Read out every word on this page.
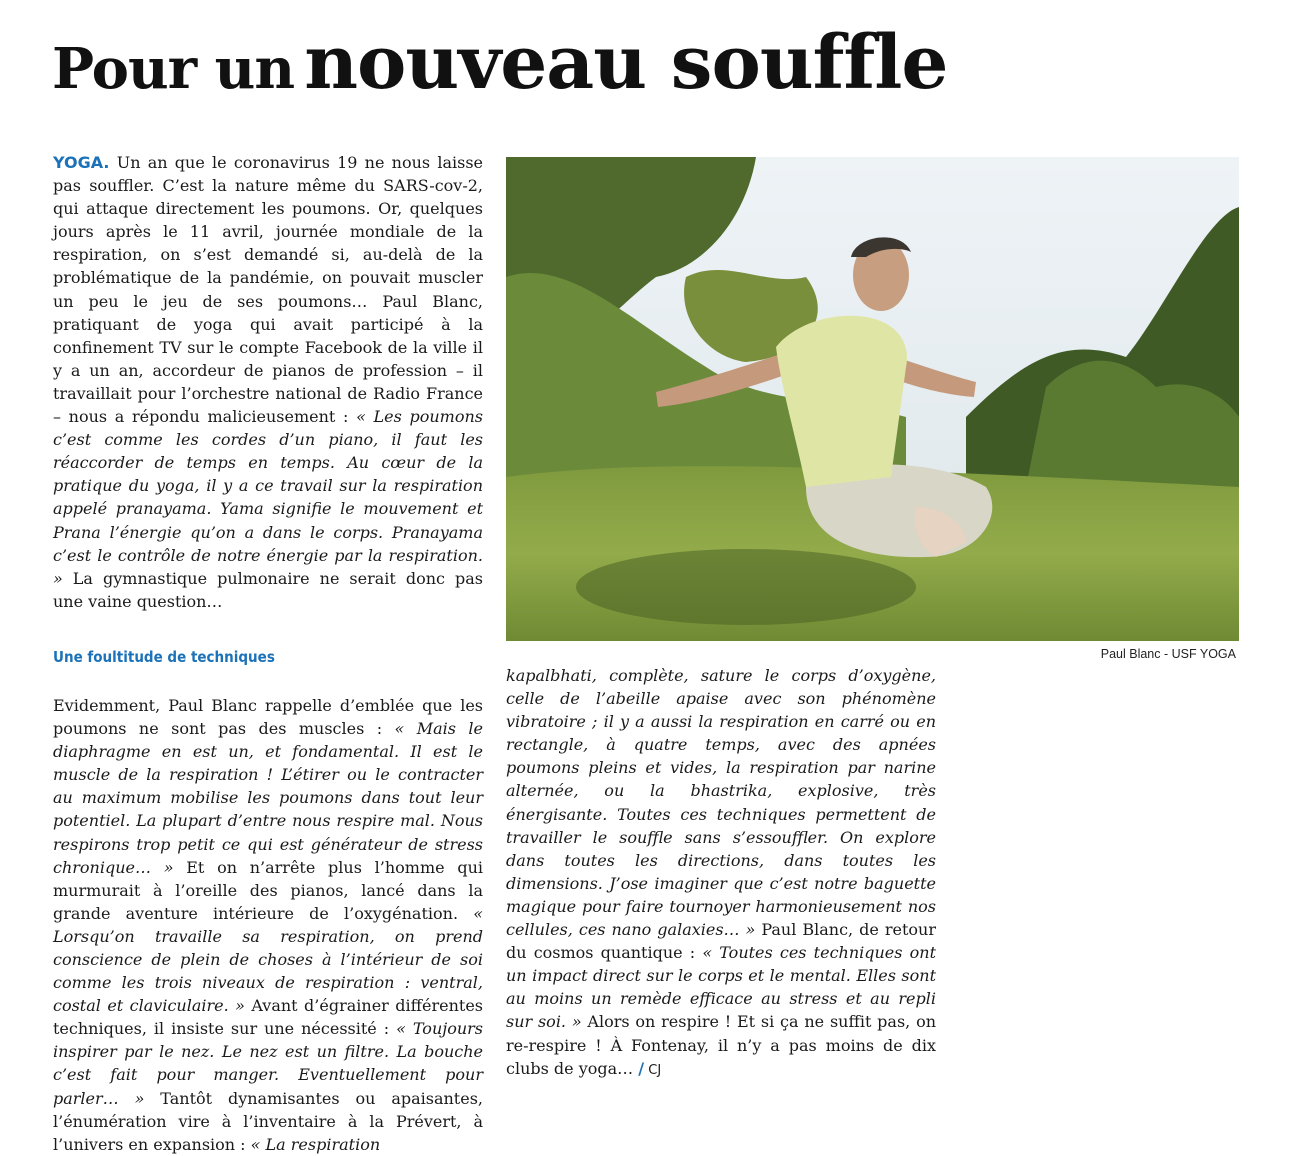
Pour un nouveau souffle

YOGA. Un an que le coronavirus 19 ne nous laisse pas souffler. C’est la nature même du SARS-cov-2, qui attaque directement les poumons. Or, quelques jours après le 11 avril, journée mondiale de la respiration, on s’est demandé si, au-delà de la problématique de la pandémie, on pouvait muscler un peu le jeu de ses poumons… Paul Blanc, pratiquant de yoga qui avait participé à la confinement TV sur le compte Facebook de la ville il y a un an, accordeur de pianos de profession – il travaillait pour l’orchestre national de Radio France – nous a répondu malicieusement : « Les poumons c’est comme les cordes d’un piano, il faut les réaccorder de temps en temps. Au cœur de la pratique du yoga, il y a ce travail sur la respiration appelé pranayama. Yama signifie le mouvement et Prana l’énergie qu’on a dans le corps. Pranayama c’est le contrôle de notre énergie par la respiration. » La gymnastique pulmonaire ne serait donc pas une vaine question…

Une foultitude de techniques

Evidemment, Paul Blanc rappelle d’emblée que les poumons ne sont pas des muscles : « Mais le diaphragme en est un, et fondamental. Il est le muscle de la respiration ! L’étirer ou le contracter au maximum mobilise les poumons dans tout leur potentiel. La plupart d’entre nous respire mal. Nous respirons trop petit ce qui est générateur de stress chronique… » Et on n’arrête plus l’homme qui murmurait à l’oreille des pianos, lancé dans la grande aventure intérieure de l’oxygénation. « Lorsqu’on travaille sa respiration, on prend conscience de plein de choses à l’intérieur de soi comme les trois niveaux de respiration : ventral, costal et claviculaire. » Avant d’égrainer différentes techniques, il insiste sur une nécessité : « Toujours inspirer par le nez. Le nez est un filtre. La bouche c’est fait pour manger. Eventuellement pour parler… » Tantôt dynamisantes ou apaisantes, l’énumération vire à l’inventaire à la Prévert, à l’univers en expansion : « La respiration

Paul Blanc - USF YOGA

kapalbhati, complète, sature le corps d’oxygène, celle de l’abeille apaise avec son phénomène vibratoire ; il y a aussi la respiration en carré ou en rectangle, à quatre temps, avec des apnées poumons pleins et vides, la respiration par narine alternée, ou la bhastrika, explosive, très énergisante. Toutes ces techniques permettent de travailler le souffle sans s’essouffler. On explore dans toutes les directions, dans toutes les dimensions. J’ose imaginer que c’est notre baguette magique pour faire tournoyer harmonieusement nos cellules, ces nano galaxies… » Paul Blanc, de retour du cosmos quantique : « Toutes ces techniques ont un impact direct sur le corps et le mental. Elles sont au moins un remède efficace au stress et au repli sur soi. » Alors on respire ! Et si ça ne suffit pas, on re-respire ! À Fontenay, il n’y a pas moins de dix clubs de yoga… / CJ
